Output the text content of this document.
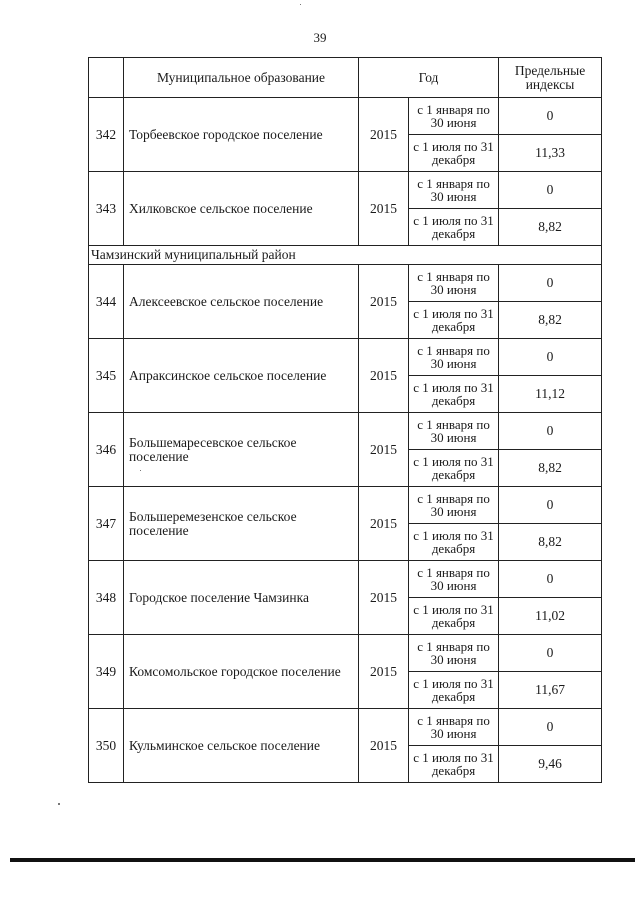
39
	Муниципальное образование	Год		Предельные индексы
342	Торбеевское городское поселение	2015	с 1 января по 30 июня	0
			с 1 июля по 31 декабря	11,33
343	Хилковское сельское поселение	2015	с 1 января по 30 июня	0
			с 1 июля по 31 декабря	8,82
Чамзинский муниципальный район				
344	Алексеевское сельское поселение	2015	с 1 января по 30 июня	0
			с 1 июля по 31 декабря	8,82
345	Апраксинское сельское поселение	2015	с 1 января по 30 июня	0
			с 1 июля по 31 декабря	11,12
346	Большемаресевское сельское поселение	2015	с 1 января по 30 июня	0
			с 1 июля по 31 декабря	8,82
347	Большеремезенское сельское поселение	2015	с 1 января по 30 июня	0
			с 1 июля по 31 декабря	8,82
348	Городское поселение Чамзинка	2015	с 1 января по 30 июня	0
			с 1 июля по 31 декабря	11,02
349	Комсомольское городское поселение	2015	с 1 января по 30 июня	0
			с 1 июля по 31 декабря	11,67
350	Кульминское сельское поселение	2015	с 1 января по 30 июня	0
			с 1 июля по 31 декабря	9,46
